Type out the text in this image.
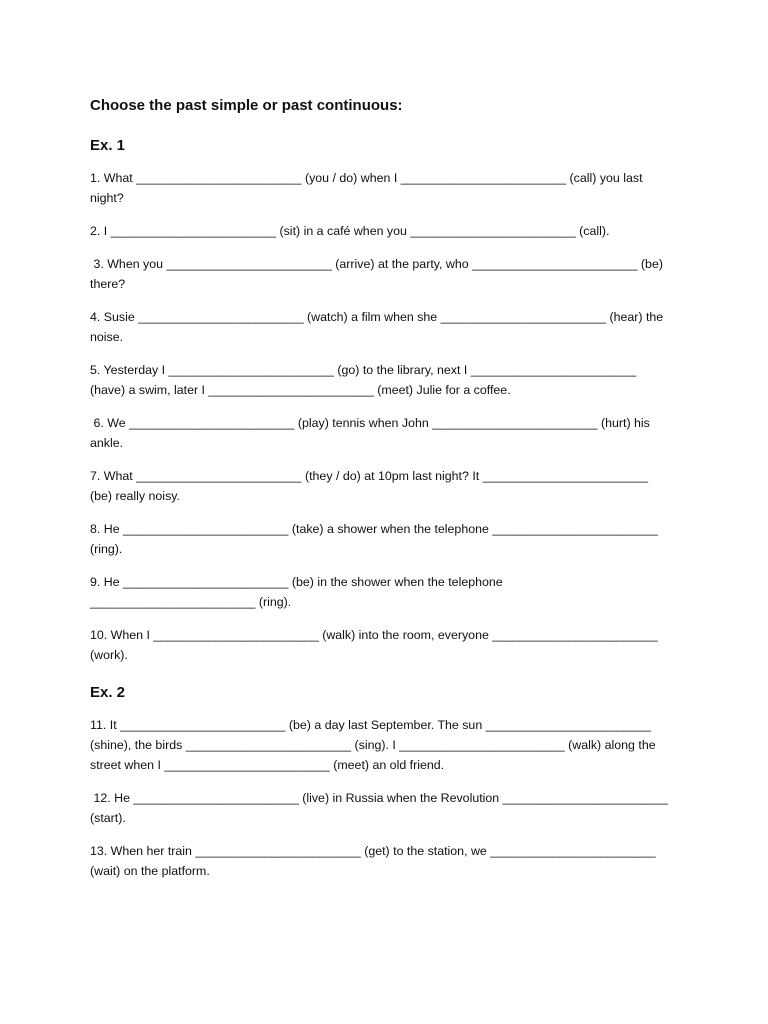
Choose the past simple or past continuous:
Ex. 1

1. What ________________________ (you / do) when I ________________________ (call) you last
night?

2. I ________________________ (sit) in a café when you ________________________ (call).

3. When you ________________________ (arrive) at the party, who ________________________ (be)
there?

4. Susie ________________________ (watch) a film when she ________________________ (hear) the
noise.

5. Yesterday I ________________________ (go) to the library, next I ________________________
(have) a swim, later I ________________________ (meet) Julie for a coffee.

6. We ________________________ (play) tennis when John ________________________ (hurt) his
ankle.

7. What ________________________ (they / do) at 10pm last night? It ________________________
(be) really noisy.

8. He ________________________ (take) a shower when the telephone ________________________
(ring).

9. He ________________________ (be) in the shower when the telephone
________________________ (ring).

10. When I ________________________ (walk) into the room, everyone ________________________
(work).

Ex. 2

11. It ________________________ (be) a day last September. The sun ________________________
(shine), the birds ________________________ (sing). I ________________________ (walk) along the
street when I ________________________ (meet) an old friend.

12. He ________________________ (live) in Russia when the Revolution ________________________
(start).

13. When her train ________________________ (get) to the station, we ________________________
(wait) on the platform.
